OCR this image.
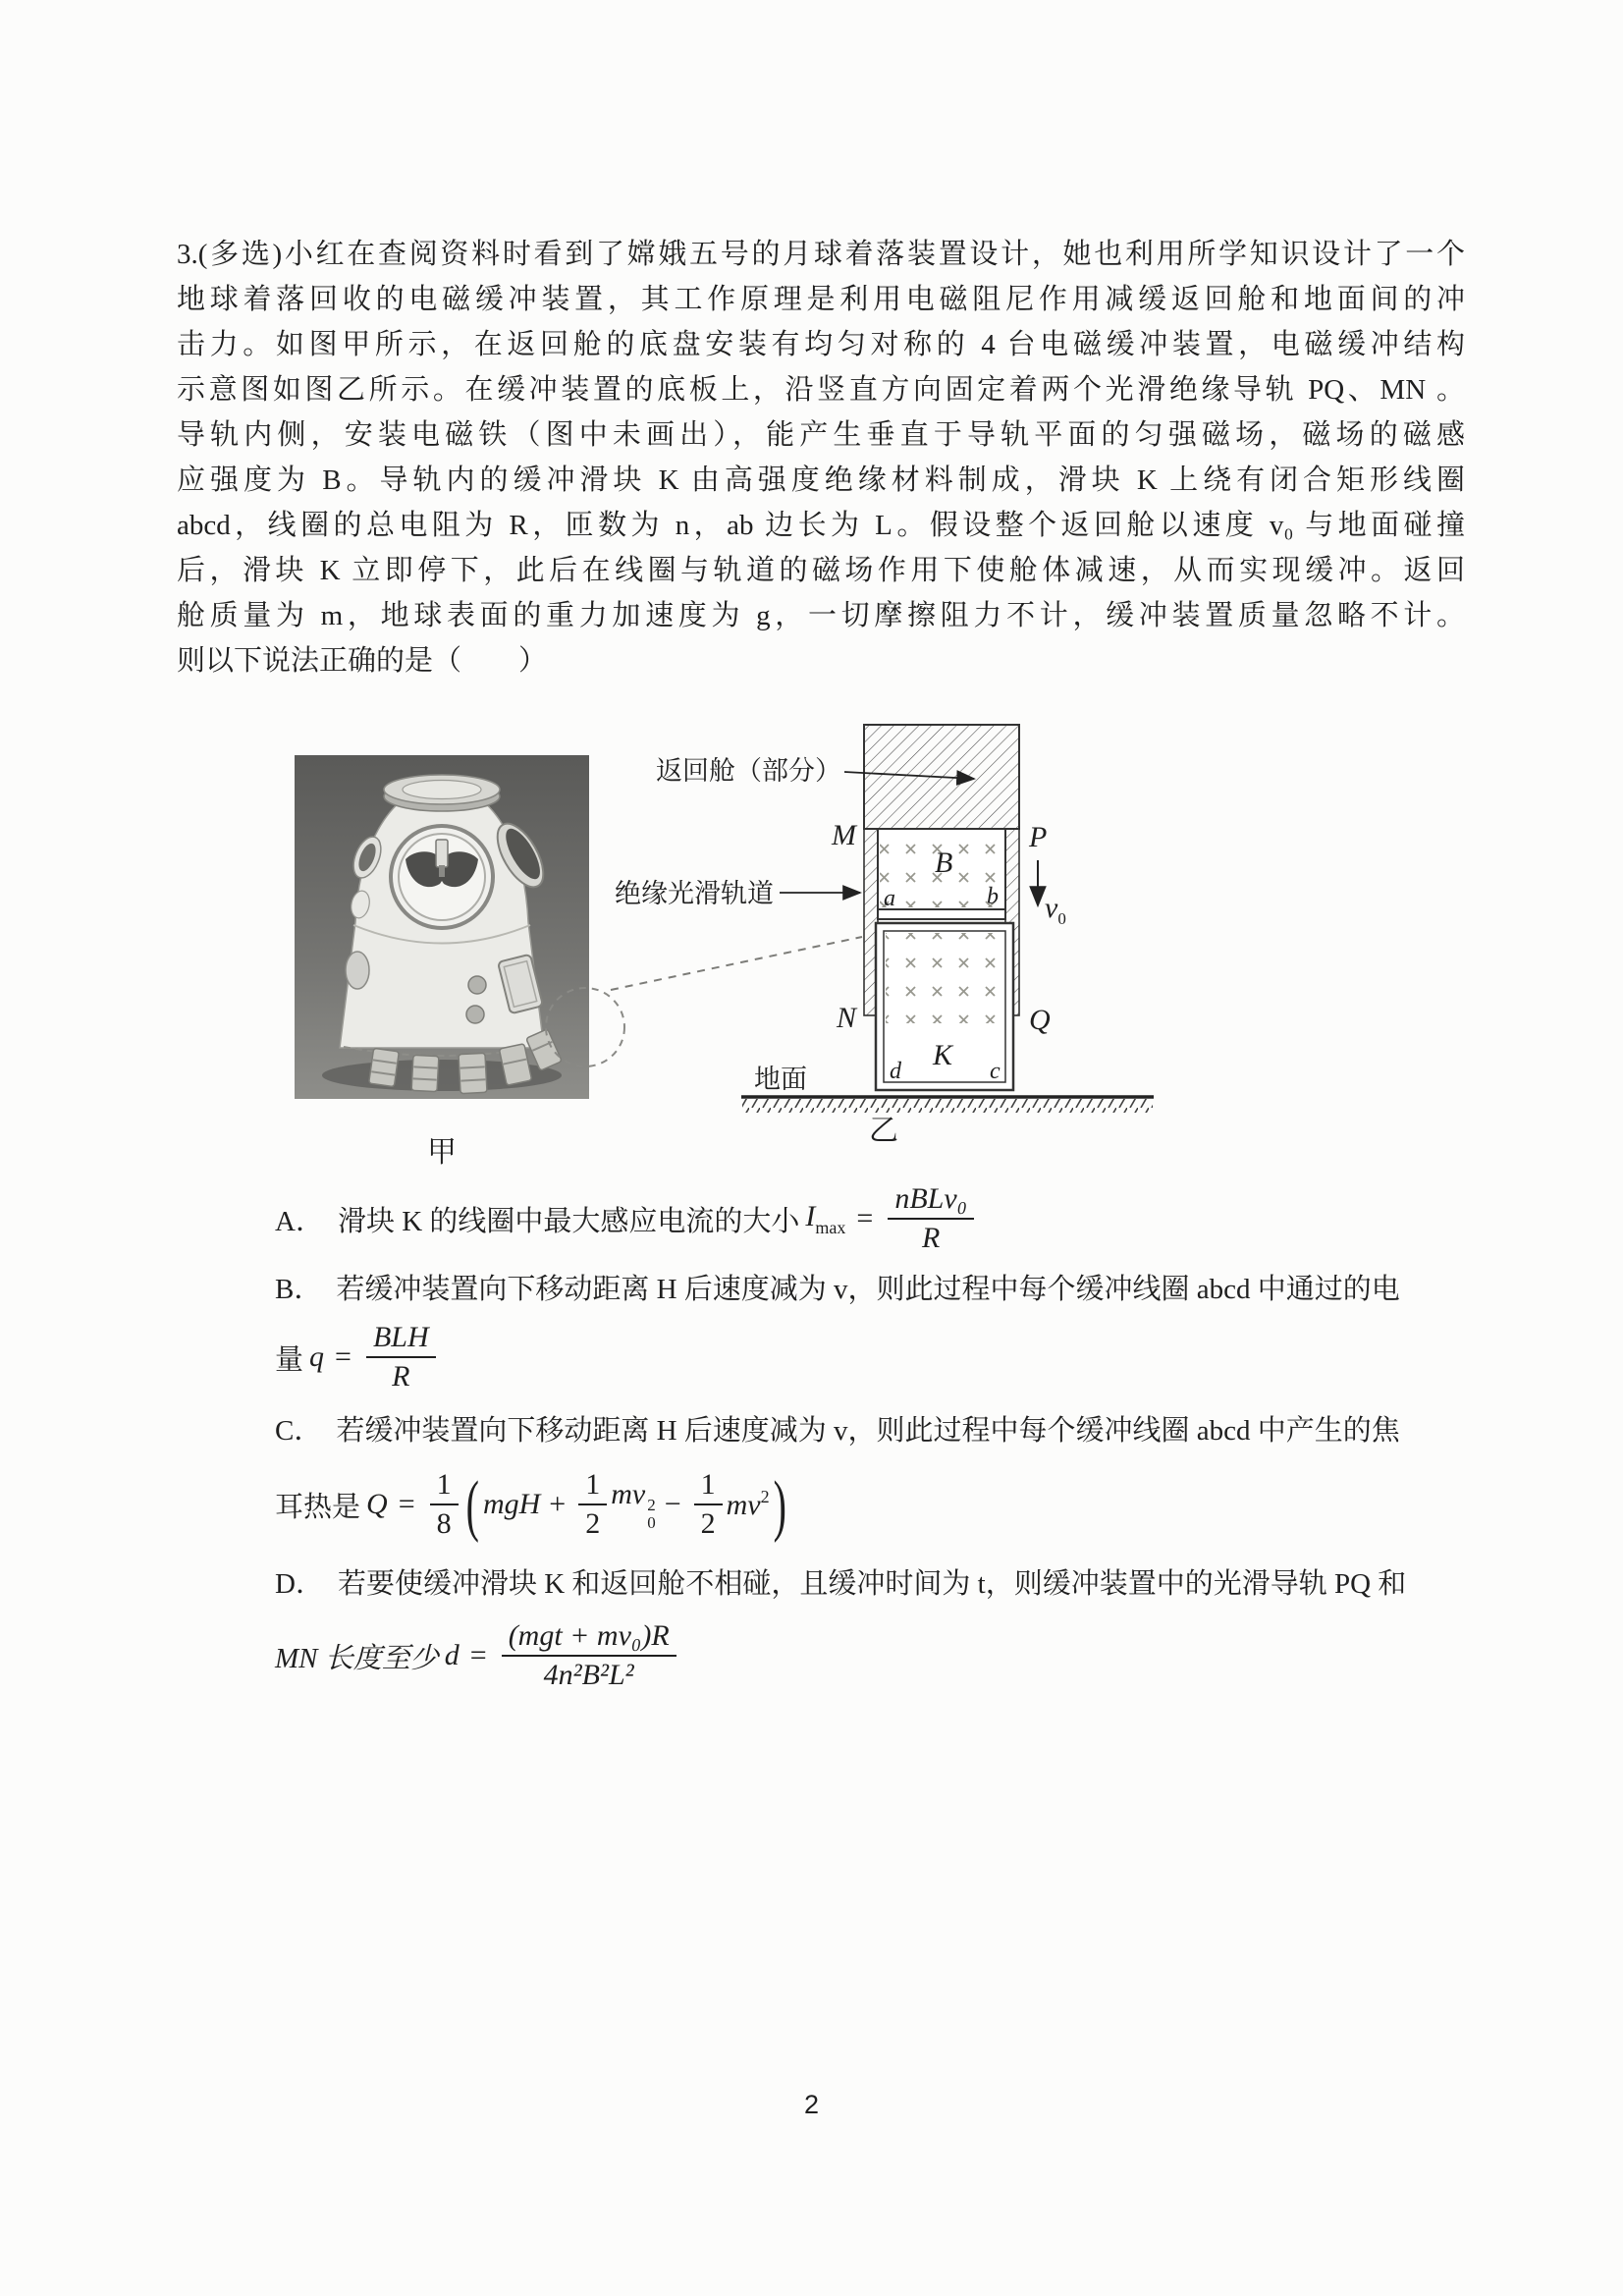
3.(多选)小红在查阅资料时看到了嫦娥五号的月球着落装置设计，她也利用所学知识设计了一个
地球着落回收的电磁缓冲装置，其工作原理是利用电磁阻尼作用减缓返回舱和地面间的冲
击力。如图甲所示，在返回舱的底盘安装有均匀对称的 4 台电磁缓冲装置，电磁缓冲结构
示意图如图乙所示。在缓冲装置的底板上，沿竖直方向固定着两个光滑绝缘导轨 PQ、MN 。
导轨内侧，安装电磁铁（图中未画出），能产生垂直于导轨平面的匀强磁场，磁场的磁感
应强度为 B。导轨内的缓冲滑块 K 由高强度绝缘材料制成，滑块 K 上绕有闭合矩形线圈
abcd，线圈的总电阻为 R，匝数为 n，ab 边长为 L。假设整个返回舱以速度 v₀ 与地面碰撞
后，滑块 K 立即停下，此后在线圈与轨道的磁场作用下使舱体减速，从而实现缓冲。返回
舱质量为 m，地球表面的重力加速度为 g，一切摩擦阻力不计，缓冲装置质量忽略不计。
则以下说法正确的是（　　）
甲
B
a	b
K
d	c
M	P
N	Q
$v_0$
地面
返回舱（部分）
绝缘光滑轨道
乙
A． 滑块 K 的线圈中最大感应电流的大小 $I_{max} = \frac{\text{nBLv₀}}{R}$
B． 若缓冲装置向下移动距离 H 后速度减为 v，则此过程中每个缓冲线圈 abcd 中通过的电
量 $q = \frac{\text{BLH}}{R}$
C． 若缓冲装置向下移动距离 H 后速度减为 v，则此过程中每个缓冲线圈 abcd 中产生的焦
耳热是 $Q = \frac{1}{8}$ ( mgH + $\frac{1}{2}$ mv 2
0
− $\frac{1}{2} mv^2$ )
D． 若要使缓冲滑块 K 和返回舱不相碰，且缓冲时间为 t，则缓冲装置中的光滑导轨 PQ 和
MN 长度至少 $d = \frac{\text{(mgt + mv₀)R}}{\text{4n²B²L²}}$
2
